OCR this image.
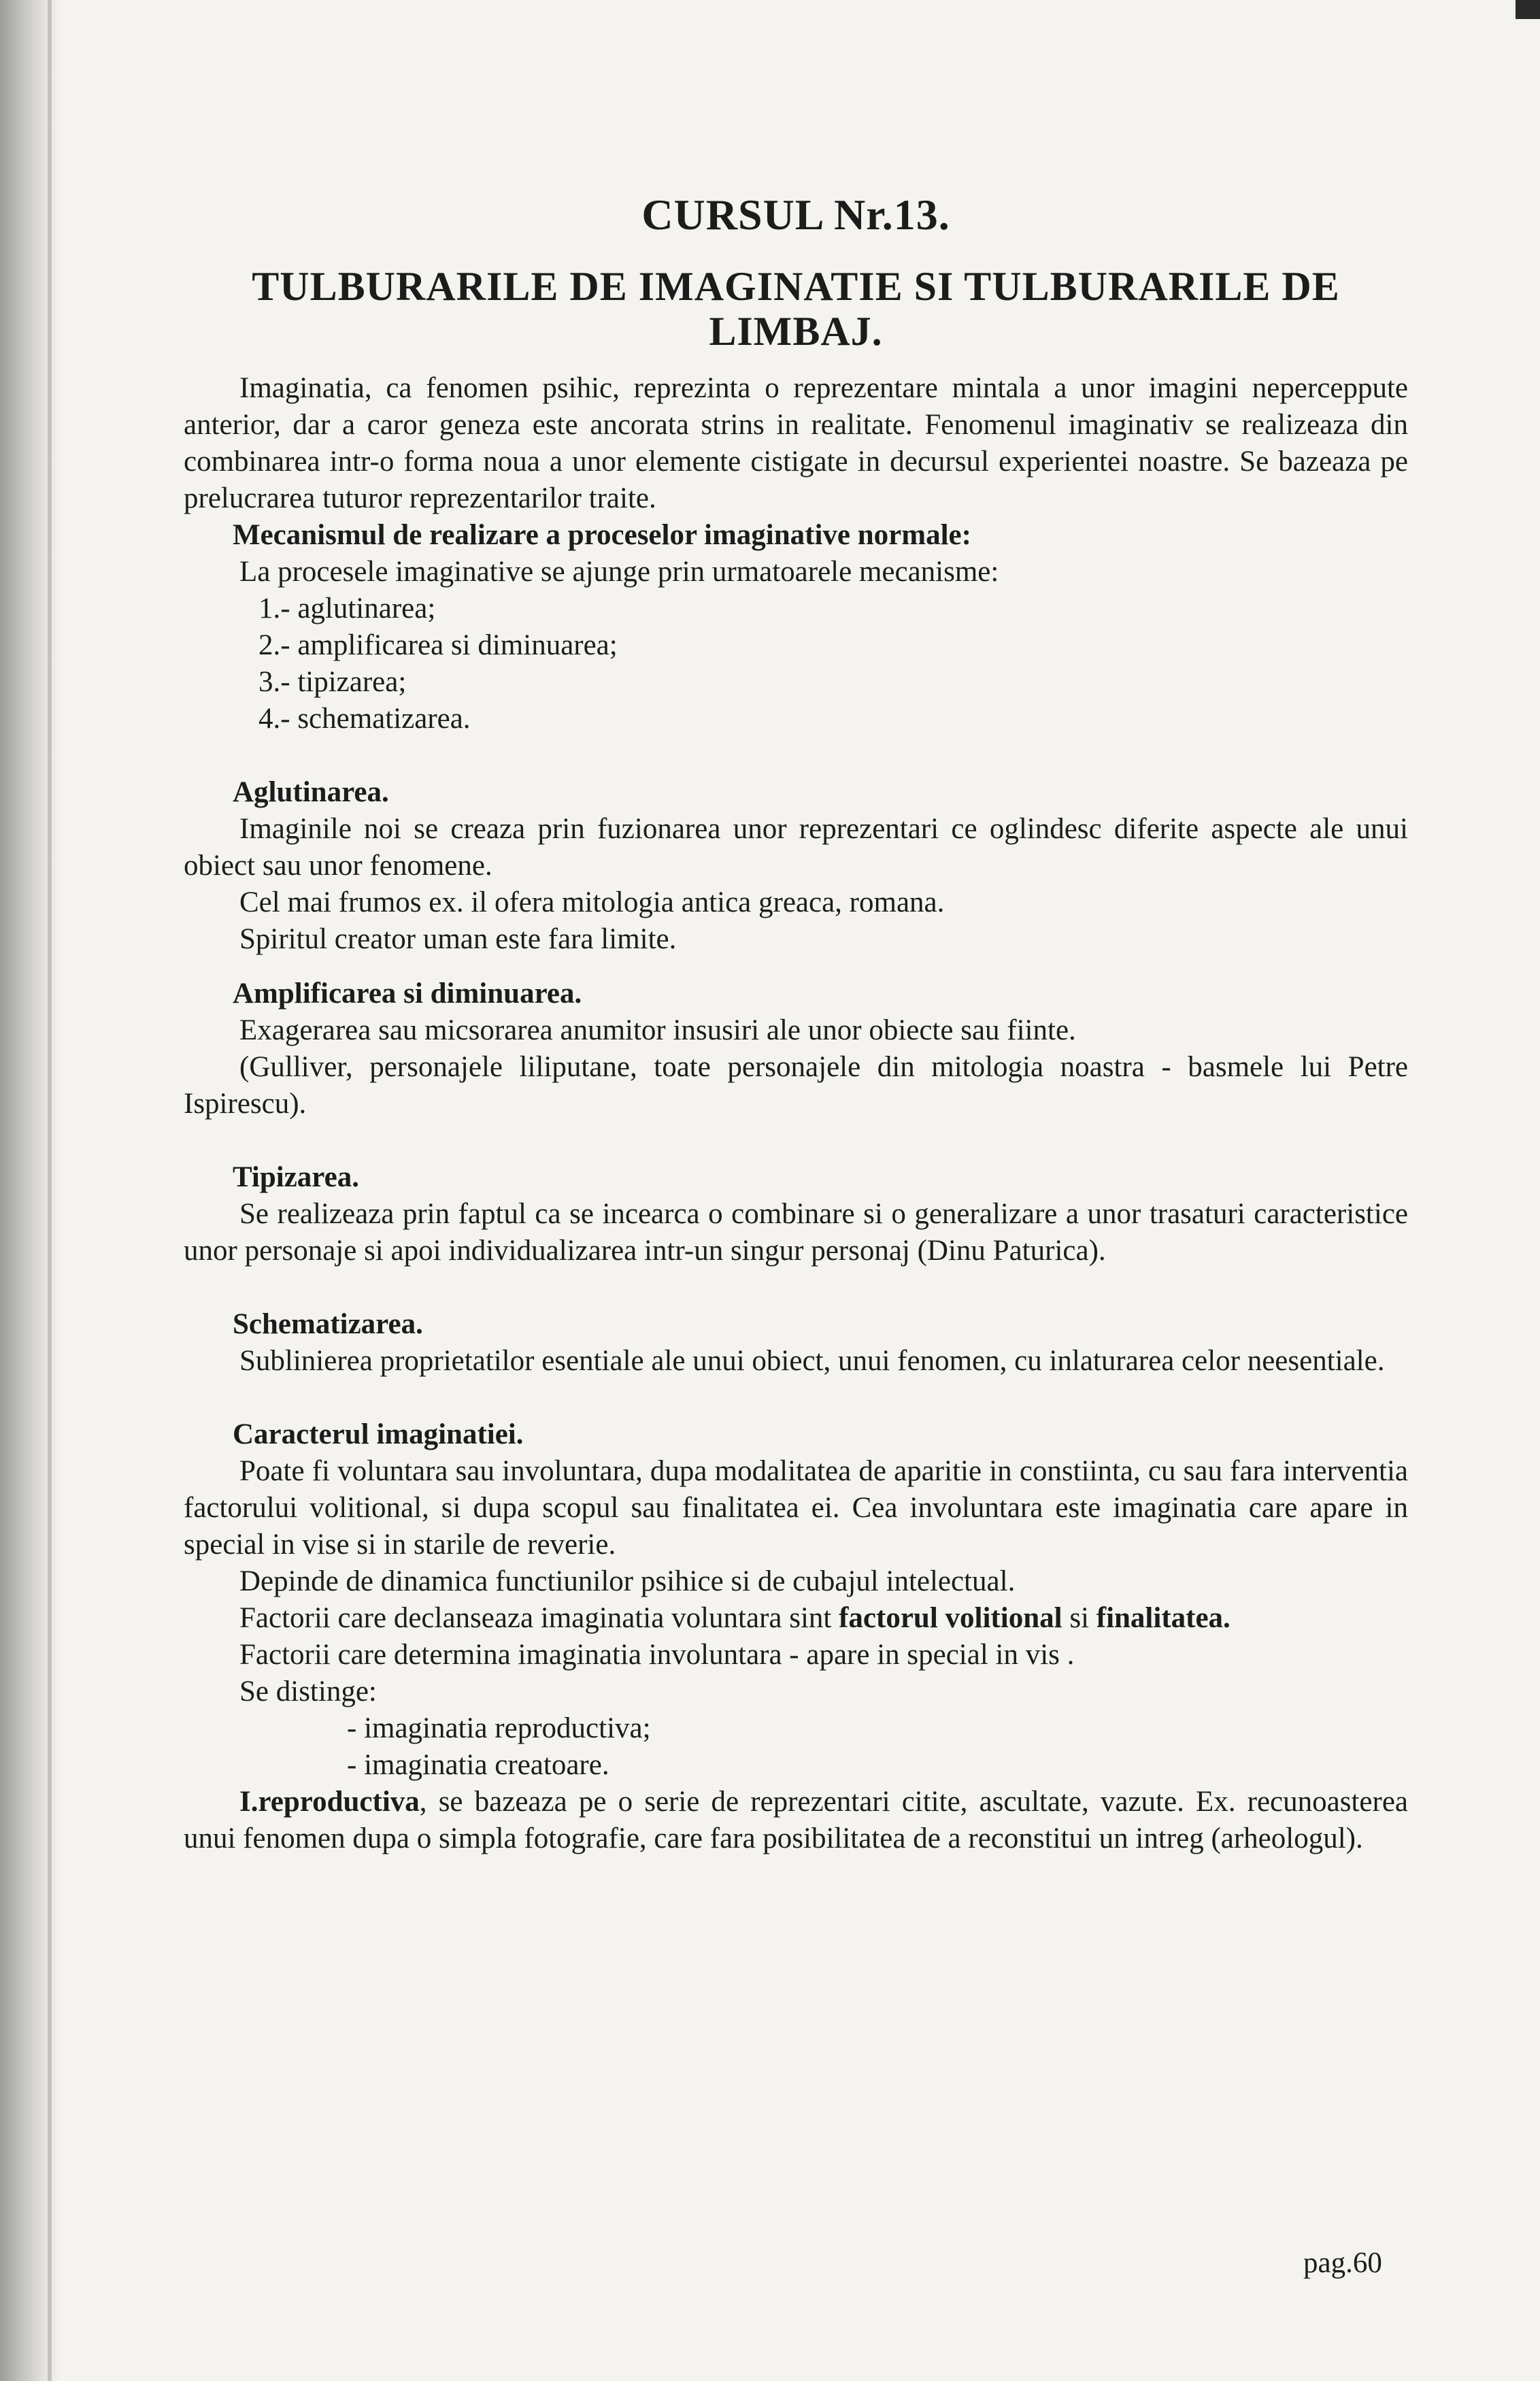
CURSUL Nr.13.
TULBURARILE DE IMAGINATIE SI TULBURARILE DE LIMBAJ.

Imaginatia, ca fenomen psihic, reprezinta o reprezentare mintala a unor imagini neperceppute anterior, dar a caror geneza este ancorata strins in realitate. Fenomenul imaginativ se realizeaza din combinarea intr-o forma noua a unor elemente cistigate in decursul experientei noastre. Se bazeaza pe prelucrarea tuturor reprezentarilor traite.

Mecanismul de realizare a proceselor imaginative normale:

La procesele imaginative se ajunge prin urmatoarele mecanisme:

1.- aglutinarea;

2.- amplificarea si diminuarea;

3.- tipizarea;

4.- schematizarea.

Aglutinarea.

Imaginile noi se creaza prin fuzionarea unor reprezentari ce oglindesc diferite aspecte ale unui obiect sau unor fenomene.

Cel mai frumos ex. il ofera mitologia antica greaca, romana.

Spiritul creator uman este fara limite.

Amplificarea si diminuarea.

Exagerarea sau micsorarea anumitor insusiri ale unor obiecte sau fiinte.

(Gulliver, personajele liliputane, toate personajele din mitologia noastra - basmele lui Petre Ispirescu).

Tipizarea.

Se realizeaza prin faptul ca se incearca o combinare si o generalizare a unor trasaturi caracteristice unor personaje si apoi individualizarea intr-un singur personaj (Dinu Paturica).

Schematizarea.

Sublinierea proprietatilor esentiale ale unui obiect, unui fenomen, cu inlaturarea celor neesentiale.

Caracterul imaginatiei.

Poate fi voluntara sau involuntara, dupa modalitatea de aparitie in constiinta, cu sau fara interventia factorului volitional, si dupa scopul sau finalitatea ei. Cea involuntara este imaginatia care apare in special in vise si in starile de reverie.

Depinde de dinamica functiunilor psihice si de cubajul intelectual.

Factorii care declanseaza imaginatia voluntara sint factorul volitional si finalitatea.

Factorii care determina imaginatia involuntara - apare in special in vis .

Se distinge:

- imaginatia reproductiva;

- imaginatia creatoare.

I.reproductiva, se bazeaza pe o serie de reprezentari citite, ascultate, vazute. Ex. recunoasterea unui fenomen dupa o simpla fotografie, care fara posibilitatea de a reconstitui un intreg (arheologul).

pag.60
